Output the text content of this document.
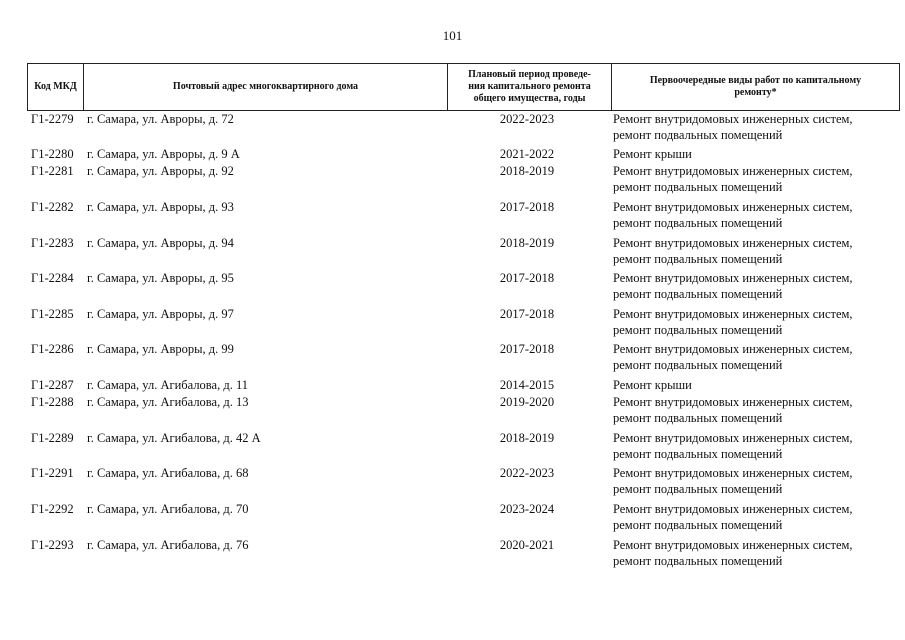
101
Код МКД	Почтовый адрес многоквартирного дома	Плановый период проведе-
ния капитального ремонта
общего имущества, годы	Первоочередные виды работ по капитальному
ремонту*
Г1-2279	г. Самара, ул. Авроры, д. 72	2022-2023	Ремонт внутридомовых инженерных систем,
ремонт подвальных помещений
Г1-2280	г. Самара, ул. Авроры, д. 9 А	2021-2022	Ремонт крыши
Г1-2281	г. Самара, ул. Авроры, д. 92	2018-2019	Ремонт внутридомовых инженерных систем,
ремонт подвальных помещений
Г1-2282	г. Самара, ул. Авроры, д. 93	2017-2018	Ремонт внутридомовых инженерных систем,
ремонт подвальных помещений
Г1-2283	г. Самара, ул. Авроры, д. 94	2018-2019	Ремонт внутридомовых инженерных систем,
ремонт подвальных помещений
Г1-2284	г. Самара, ул. Авроры, д. 95	2017-2018	Ремонт внутридомовых инженерных систем,
ремонт подвальных помещений
Г1-2285	г. Самара, ул. Авроры, д. 97	2017-2018	Ремонт внутридомовых инженерных систем,
ремонт подвальных помещений
Г1-2286	г. Самара, ул. Авроры, д. 99	2017-2018	Ремонт внутридомовых инженерных систем,
ремонт подвальных помещений
Г1-2287	г. Самара, ул. Агибалова, д. 11	2014-2015	Ремонт крыши
Г1-2288	г. Самара, ул. Агибалова, д. 13	2019-2020	Ремонт внутридомовых инженерных систем,
ремонт подвальных помещений
Г1-2289	г. Самара, ул. Агибалова, д. 42 А	2018-2019	Ремонт внутридомовых инженерных систем,
ремонт подвальных помещений
Г1-2291	г. Самара, ул. Агибалова, д. 68	2022-2023	Ремонт внутридомовых инженерных систем,
ремонт подвальных помещений
Г1-2292	г. Самара, ул. Агибалова, д. 70	2023-2024	Ремонт внутридомовых инженерных систем,
ремонт подвальных помещений
Г1-2293	г. Самара, ул. Агибалова, д. 76	2020-2021	Ремонт внутридомовых инженерных систем,
ремонт подвальных помещений
